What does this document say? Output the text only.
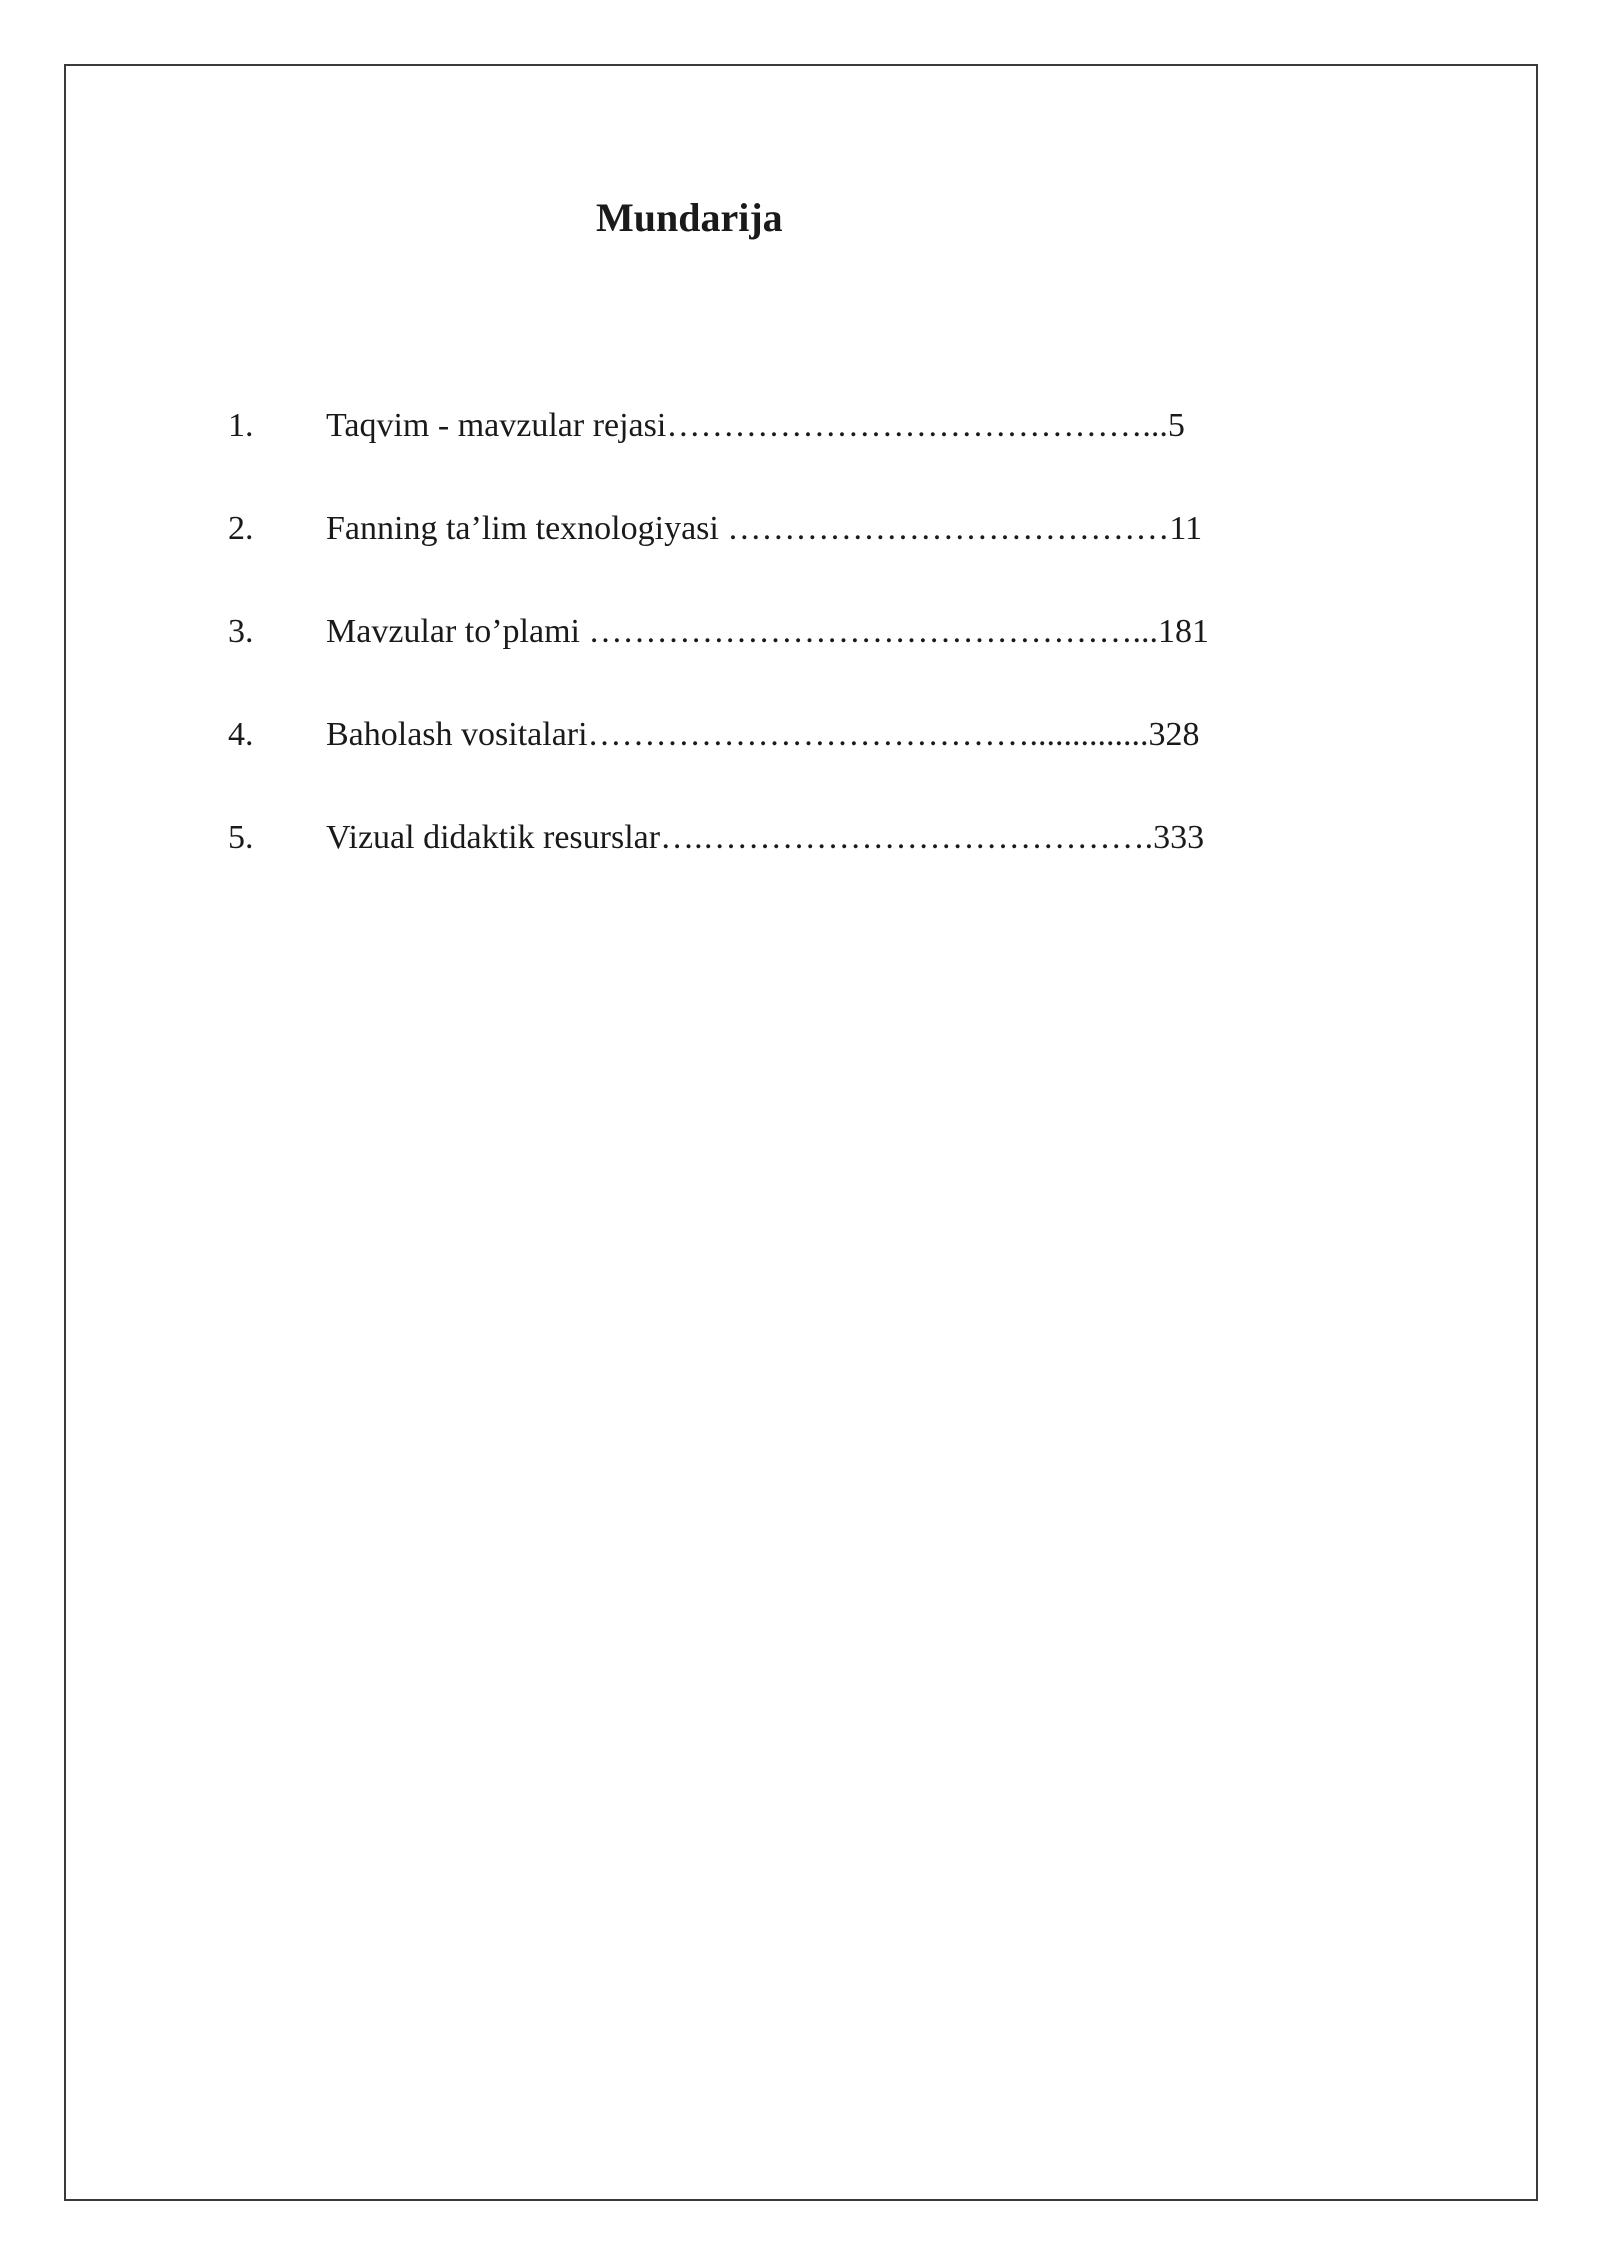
Mundarija
1. Taqvim - mavzular rejasi……………………………………...5
2. Fanning ta’lim texnologiyasi …………………………………11
3. Mavzular to’plami …………………………………………...181
4. Baholash vositalari…………………………………..............328
5. Vizual didaktik resurslar….………………………………….333
